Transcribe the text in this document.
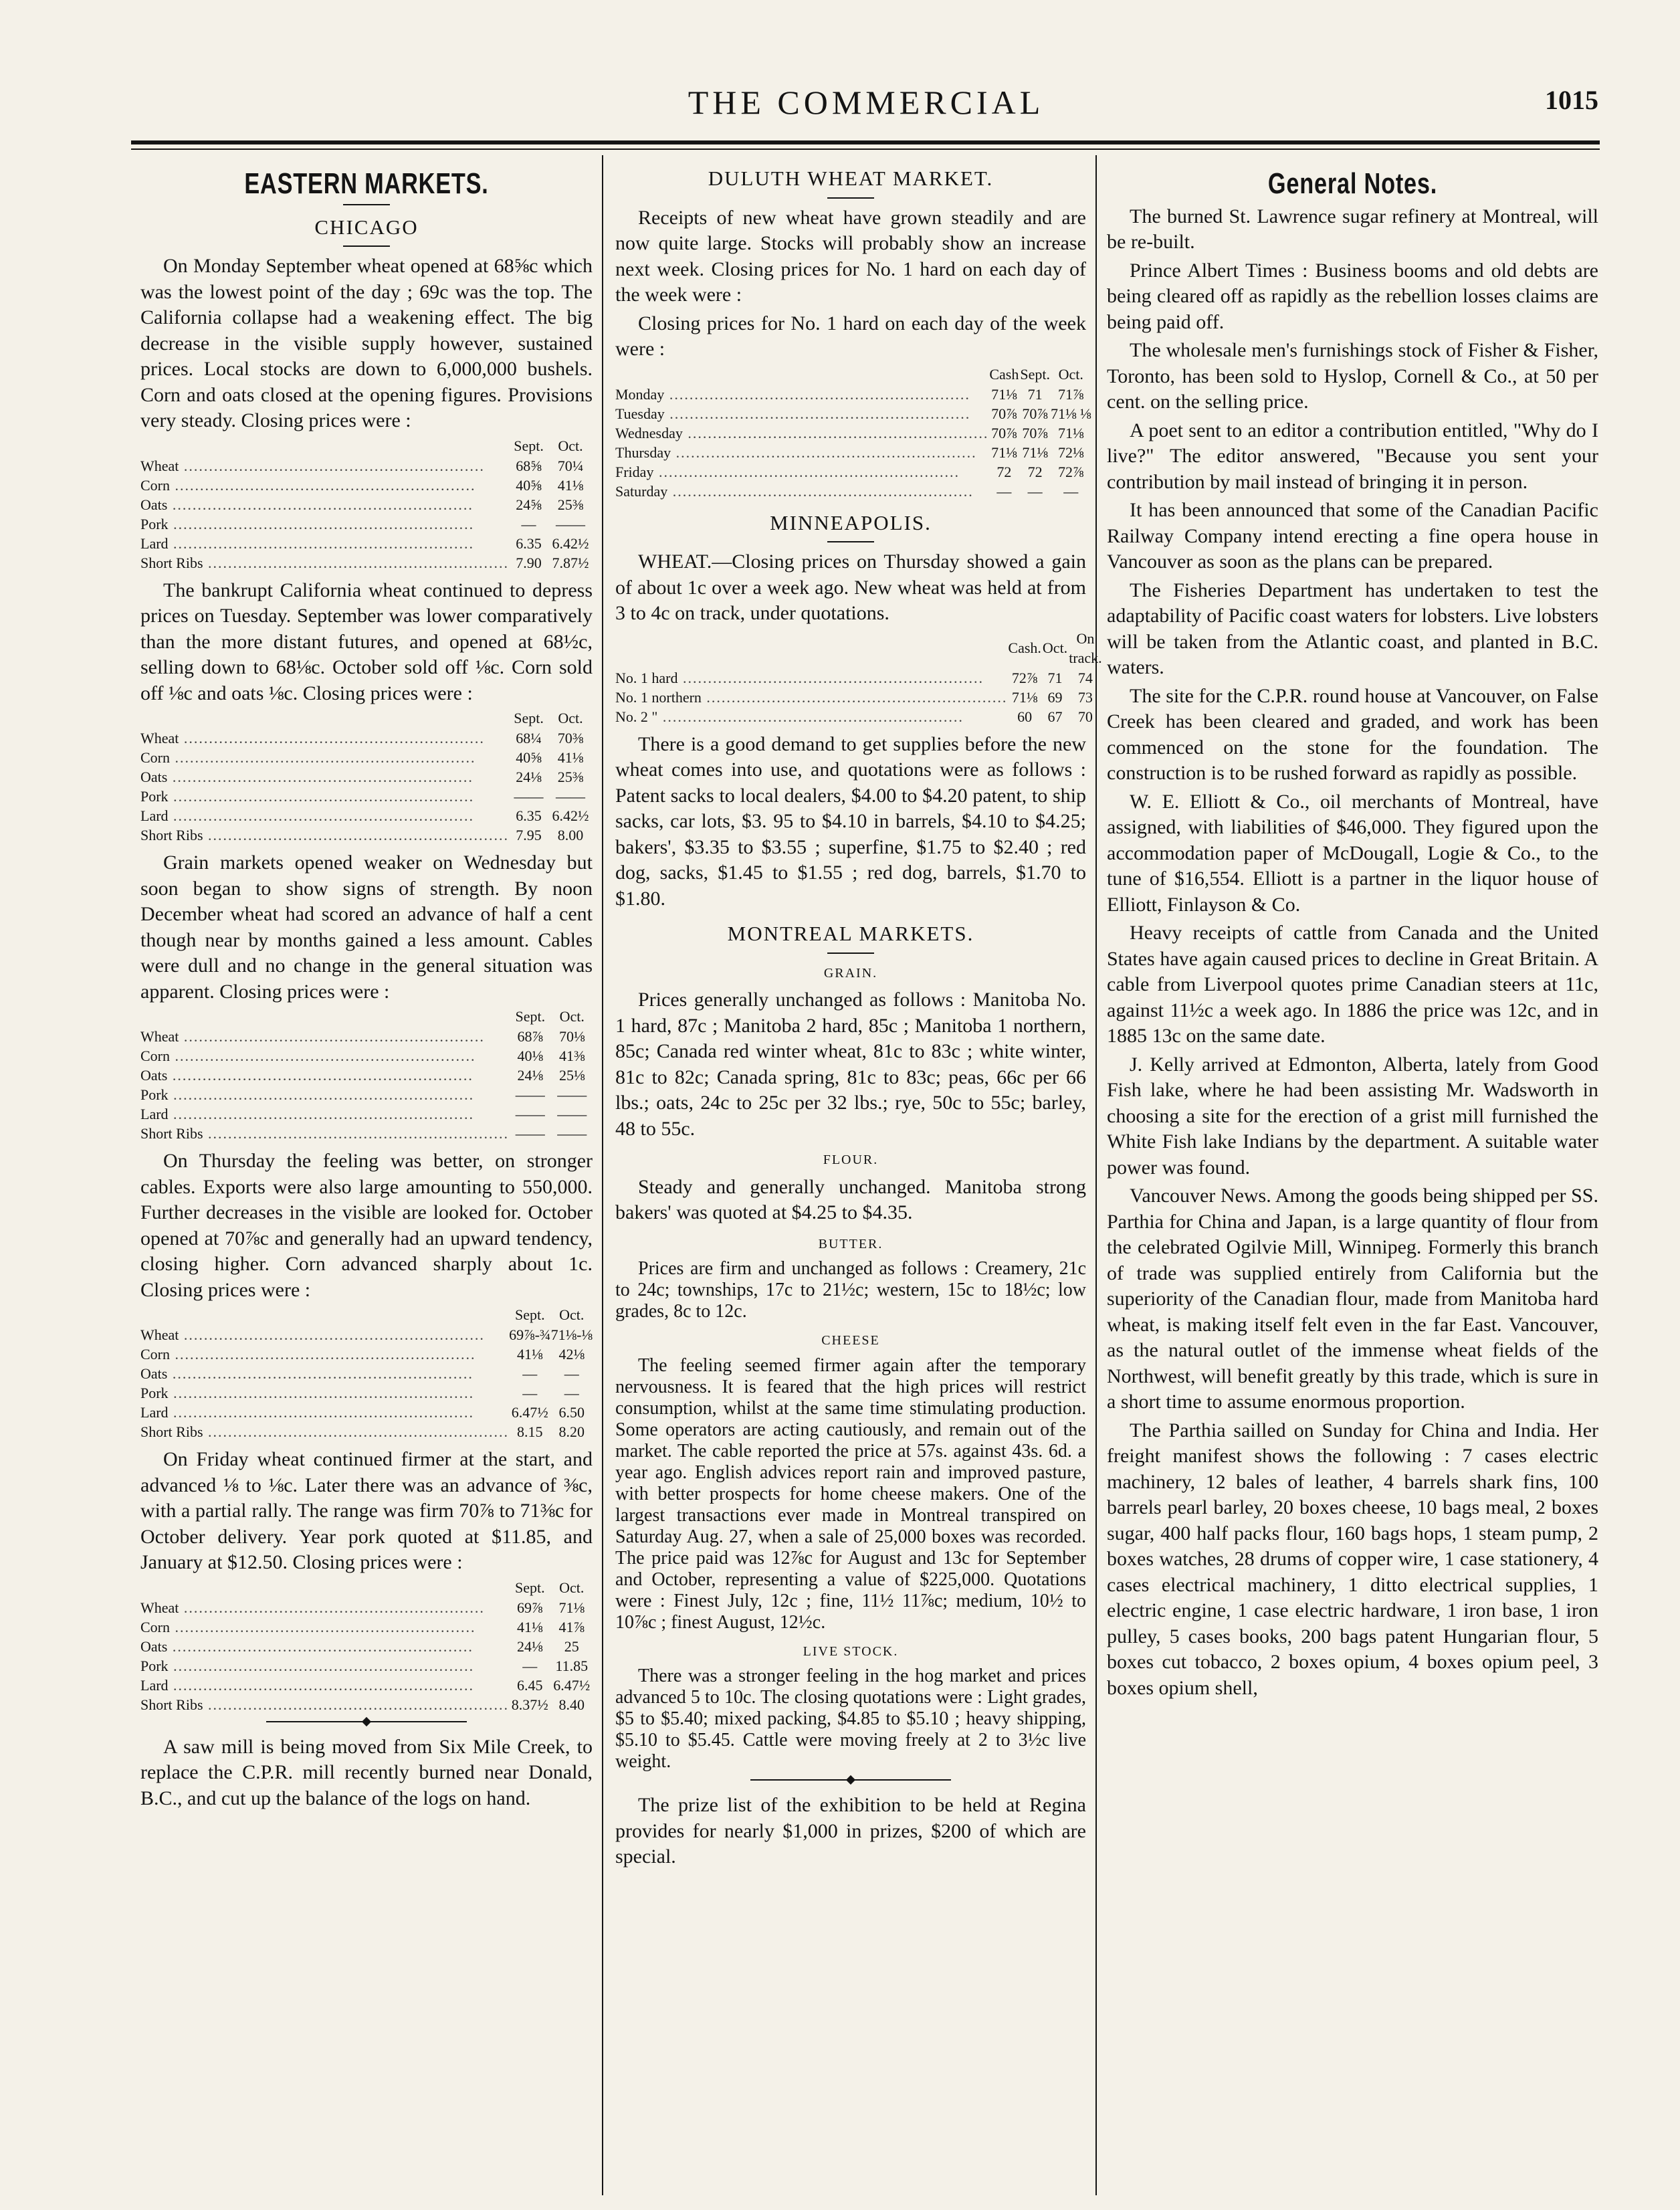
THE COMMERCIAL	1015
EASTERN MARKETS.
CHICAGO

On Monday September wheat opened at 68⅝c which was the lowest point of the day ; 69c was the top. The California collapse had a weakening effect. The big decrease in the visible supply however, sustained prices. Local stocks are down to 6,000,000 bushels. Corn and oats closed at the opening figures. Provisions very steady. Closing prices were :

	Sept.	Oct.
Wheat ............................................................	68⅝	70¼
Corn ............................................................	40⅝	41⅛
Oats ............................................................	24⅝	25⅜
Pork ............................................................	—	——
Lard ............................................................	6.35	6.42½
Short Ribs ............................................................	7.90	7.87½

The bankrupt California wheat continued to depress prices on Tuesday. September was lower comparatively than the more distant futures, and opened at 68½c, selling down to 68⅛c. October sold off ⅛c. Corn sold off ⅛c and oats ⅛c. Closing prices were :

	Sept.	Oct.
Wheat ............................................................	68¼	70⅜
Corn ............................................................	40⅝	41⅛
Oats ............................................................	24⅛	25⅜
Pork ............................................................	——	——
Lard ............................................................	6.35	6.42½
Short Ribs ............................................................	7.95	8.00

Grain markets opened weaker on Wednesday but soon began to show signs of strength. By noon December wheat had scored an advance of half a cent though near by months gained a less amount. Cables were dull and no change in the general situation was apparent. Closing prices were :

	Sept.	Oct.
Wheat ............................................................	68⅞	70⅛
Corn ............................................................	40⅛	41⅜
Oats ............................................................	24⅛	25⅛
Pork ............................................................	——	——
Lard ............................................................	——	——
Short Ribs ............................................................	——	——

On Thursday the feeling was better, on stronger cables. Exports were also large amounting to 550,000. Further decreases in the visible are looked for. October opened at 70⅞c and generally had an upward tendency, closing higher. Corn advanced sharply about 1c. Closing prices were :

	Sept.	Oct.
Wheat ............................................................	69⅞-¾	71⅛-⅛
Corn ............................................................	41⅛	42⅛
Oats ............................................................	—	—
Pork ............................................................	—	—
Lard ............................................................	6.47½	6.50
Short Ribs ............................................................	8.15	8.20

On Friday wheat continued firmer at the start, and advanced ⅛ to ⅛c. Later there was an advance of ⅜c, with a partial rally. The range was firm 70⅞ to 71⅜c for October delivery. Year pork quoted at $11.85, and January at $12.50. Closing prices were :

	Sept.	Oct.
Wheat ............................................................	69⅞	71⅛
Corn ............................................................	41⅛	41⅞
Oats ............................................................	24⅛	25
Pork ............................................................	—	11.85
Lard ............................................................	6.45	6.47½
Short Ribs ............................................................	8.37½	8.40

A saw mill is being moved from Six Mile Creek, to replace the C.P.R. mill recently burned near Donald, B.C., and cut up the balance of the logs on hand.

DULUTH WHEAT MARKET.

Receipts of new wheat have grown steadily and are now quite large. Stocks will probably show an increase next week. Closing prices for No. 1 hard on each day of the week were :

Closing prices for No. 1 hard on each day of the week were :

	Cash	Sept.	Oct.
Monday ............................................................	71⅛	71	71⅞
Tuesday ............................................................	70⅞	70⅞	71⅛ ⅛
Wednesday ............................................................	70⅞	70⅞	71⅛
Thursday ............................................................	71⅛	71⅛	72⅛
Friday ............................................................	72	72	72⅞
Saturday ............................................................	—	—	—
MINNEAPOLIS.

WHEAT.—Closing prices on Thursday showed a gain of about 1c over a week ago. New wheat was held at from 3 to 4c on track, under quotations.

	Cash.	Oct.	On track.
No. 1 hard ............................................................	72⅞	71	74
No. 1 northern ............................................................	71⅛	69	73
No. 2 " ............................................................	60	67	70

There is a good demand to get supplies before the new wheat comes into use, and quotations were as follows : Patent sacks to local dealers, $4.00 to $4.20 patent, to ship sacks, car lots, $3. 95 to $4.10 in barrels, $4.10 to $4.25; bakers', $3.35 to $3.55 ; superfine, $1.75 to $2.40 ; red dog, sacks, $1.45 to $1.55 ; red dog, barrels, $1.70 to $1.80.

MONTREAL MARKETS.
GRAIN.

Prices generally unchanged as follows : Manitoba No. 1 hard, 87c ; Manitoba 2 hard, 85c ; Manitoba 1 northern, 85c; Canada red winter wheat, 81c to 83c ; white winter, 81c to 82c; Canada spring, 81c to 83c; peas, 66c per 66 lbs.; oats, 24c to 25c per 32 lbs.; rye, 50c to 55c; barley, 48 to 55c.

FLOUR.

Steady and generally unchanged. Manitoba strong bakers' was quoted at $4.25 to $4.35.

BUTTER.

Prices are firm and unchanged as follows : Creamery, 21c to 24c; townships, 17c to 21½c; western, 15c to 18½c; low grades, 8c to 12c.

CHEESE

The feeling seemed firmer again after the temporary nervousness. It is feared that the high prices will restrict consumption, whilst at the same time stimulating production. Some operators are acting cautiously, and remain out of the market. The cable reported the price at 57s. against 43s. 6d. a year ago. English advices report rain and improved pasture, with better prospects for home cheese makers. One of the largest transactions ever made in Montreal transpired on Saturday Aug. 27, when a sale of 25,000 boxes was recorded. The price paid was 12⅞c for August and 13c for September and October, representing a value of $225,000. Quotations were : Finest July, 12c ; fine, 11½ 11⅞c; medium, 10½ to 10⅞c ; finest August, 12½c.

LIVE STOCK.

There was a stronger feeling in the hog market and prices advanced 5 to 10c. The closing quotations were : Light grades, $5 to $5.40; mixed packing, $4.85 to $5.10 ; heavy shipping, $5.10 to $5.45. Cattle were moving freely at 2 to 3½c live weight.

The prize list of the exhibition to be held at Regina provides for nearly $1,000 in prizes, $200 of which are special.

General Notes.

The burned St. Lawrence sugar refinery at Montreal, will be re-built.

Prince Albert Times : Business booms and old debts are being cleared off as rapidly as the rebellion losses claims are being paid off.

The wholesale men's furnishings stock of Fisher & Fisher, Toronto, has been sold to Hyslop, Cornell & Co., at 50 per cent. on the selling price.

A poet sent to an editor a contribution entitled, "Why do I live?" The editor answered, "Because you sent your contribution by mail instead of bringing it in person.

It has been announced that some of the Canadian Pacific Railway Company intend erecting a fine opera house in Vancouver as soon as the plans can be prepared.

The Fisheries Department has undertaken to test the adaptability of Pacific coast waters for lobsters. Live lobsters will be taken from the Atlantic coast, and planted in B.C. waters.

The site for the C.P.R. round house at Vancouver, on False Creek has been cleared and graded, and work has been commenced on the stone for the foundation. The construction is to be rushed forward as rapidly as possible.

W. E. Elliott & Co., oil merchants of Montreal, have assigned, with liabilities of $46,000. They figured upon the accommodation paper of McDougall, Logie & Co., to the tune of $16,554. Elliott is a partner in the liquor house of Elliott, Finlayson & Co.

Heavy receipts of cattle from Canada and the United States have again caused prices to decline in Great Britain. A cable from Liverpool quotes prime Canadian steers at 11c, against 11½c a week ago. In 1886 the price was 12c, and in 1885 13c on the same date.

J. Kelly arrived at Edmonton, Alberta, lately from Good Fish lake, where he had been assisting Mr. Wadsworth in choosing a site for the erection of a grist mill furnished the White Fish lake Indians by the department. A suitable water power was found.

Vancouver News. Among the goods being shipped per SS. Parthia for China and Japan, is a large quantity of flour from the celebrated Ogilvie Mill, Winnipeg. Formerly this branch of trade was supplied entirely from California but the superiority of the Canadian flour, made from Manitoba hard wheat, is making itself felt even in the far East. Vancouver, as the natural outlet of the immense wheat fields of the Northwest, will benefit greatly by this trade, which is sure in a short time to assume enormous proportion.

The Parthia sailled on Sunday for China and India. Her freight manifest shows the following : 7 cases electric machinery, 12 bales of leather, 4 barrels shark fins, 100 barrels pearl barley, 20 boxes cheese, 10 bags meal, 2 boxes sugar, 400 half packs flour, 160 bags hops, 1 steam pump, 2 boxes watches, 28 drums of copper wire, 1 case stationery, 4 cases electrical machinery, 1 ditto electrical supplies, 1 electric engine, 1 case electric hardware, 1 iron base, 1 iron pulley, 5 cases books, 200 bags patent Hungarian flour, 5 boxes cut tobacco, 2 boxes opium, 4 boxes opium peel, 3 boxes opium shell,
